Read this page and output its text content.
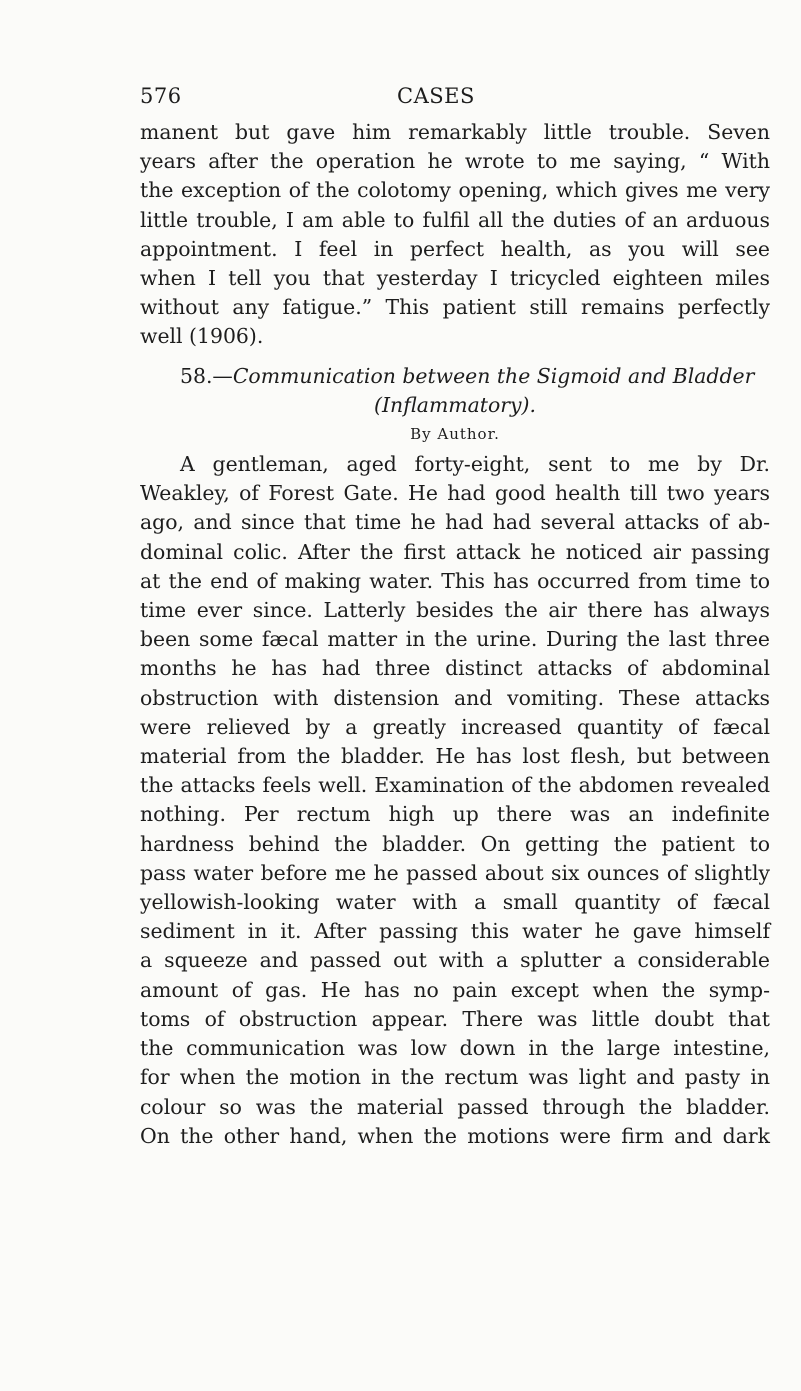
576	CASES
manent but gave him remarkably little trouble. Seven
years after the operation he wrote to me saying, “ With
the exception of the colotomy opening, which gives me very
little trouble, I am able to fulfil all the duties of an arduous
appointment. I feel in perfect health, as you will see
when I tell you that yesterday I tricycled eighteen miles
without any fatigue.” This patient still remains perfectly
well (1906).
58.—Communication between the Sigmoid and Bladder
(Inflammatory).
By Author.
A gentleman, aged forty-eight, sent to me by Dr.
Weakley, of Forest Gate. He had good health till two years
ago, and since that time he had had several attacks of ab-
dominal colic. After the first attack he noticed air passing
at the end of making water. This has occurred from time to
time ever since. Latterly besides the air there has always
been some fæcal matter in the urine. During the last three
months he has had three distinct attacks of abdominal
obstruction with distension and vomiting. These attacks
were relieved by a greatly increased quantity of fæcal
material from the bladder. He has lost flesh, but between
the attacks feels well. Examination of the abdomen revealed
nothing. Per rectum high up there was an indefinite
hardness behind the bladder. On getting the patient to
pass water before me he passed about six ounces of slightly
yellowish-looking water with a small quantity of fæcal
sediment in it. After passing this water he gave himself
a squeeze and passed out with a splutter a considerable
amount of gas. He has no pain except when the symp-
toms of obstruction appear. There was little doubt that
the communication was low down in the large intestine,
for when the motion in the rectum was light and pasty in
colour so was the material passed through the bladder.
On the other hand, when the motions were firm and dark
